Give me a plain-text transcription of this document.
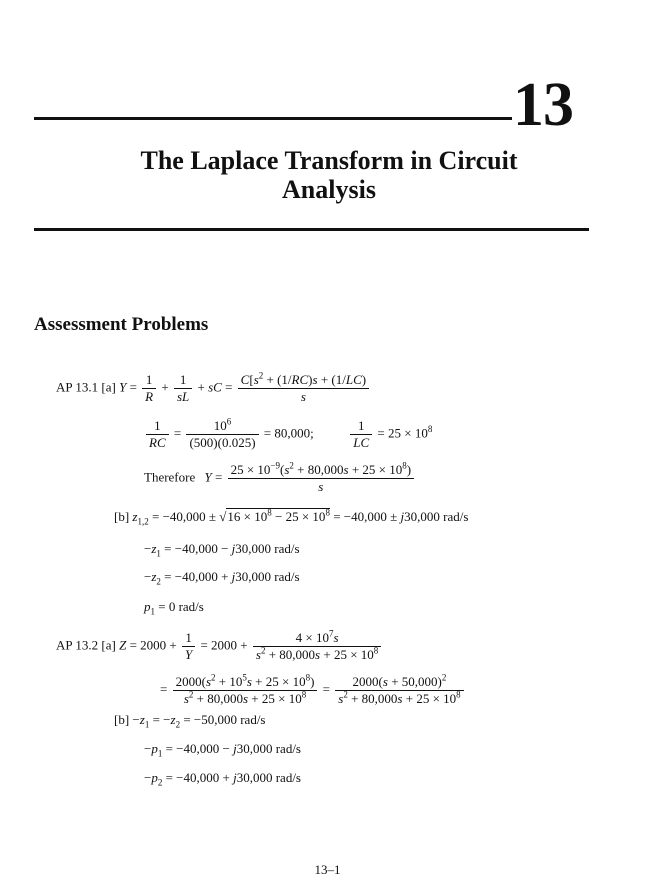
13
The Laplace Transform in Circuit
Analysis
Assessment Problems
AP 13.1 [a] $Y = \frac{1}{R} + \frac{1}{sL}$ + sC = $\frac{C[s^2 + (1/RC)s + (1/LC)}{s}$
$\frac{1}{RC} = \frac{10^6}{(500)(0.025)} = 80,000$;	$\frac{1}{LC} = 25 \times 10^8$
Therefore $Y = \frac{25 \times 10^{-9}(s^2 + 80,000s + 25 \times 10^8)}{s}$
[b] $z_{1,2} = -40,000 \pm √16 \times 10^8 - 25 \times 10^8 = -40,000 \pm j30,000$ rad/s
$-z_1 = -40,000 - j30,000$ rad/s
$-z_2 = -40,000 + j30,000$ rad/s
$p_1 = 0$ rad/s
AP 13.2 [a] $Z = 2000 + \frac{1}{Y} = 2000 + \frac{4 \times 10^7s}{s^2 + 80,000s + 25 \times 10^8}$
= $\frac{2000(s^2 + 10^5s + 25 \times 10^8)}{s^2 + 80,000s + 25 \times 10^8} = \frac{2000(s + 50,000)^2}{s^2 + 80,000s + 25 \times 10^8}$
$[b] -z_1 = -z_2 = -50,000$ rad/s
$-p_1 = -40,000 - j30,000$ rad/s
$-p_2 = -40,000 + j30,000$ rad/s
13–1
